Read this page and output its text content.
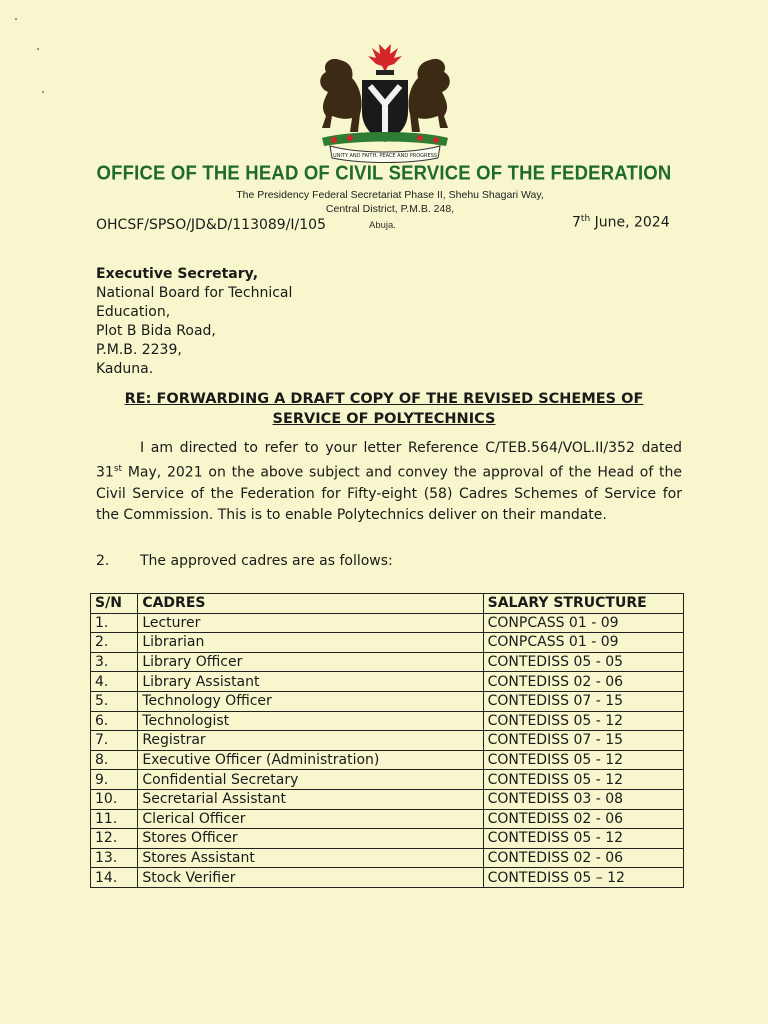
UNITY AND FAITH, PEACE AND PROGRESS
OFFICE OF THE HEAD OF CIVIL SERVICE OF THE FEDERATION
The Presidency Federal Secretariat Phase II, Shehu Shagari Way,
Central District, P.M.B. 248,
OHCSF/SPSO/JD&D/113089/I/105	Abuja.	7th June, 2024
Executive Secretary,
National Board for Technical
Education,
Plot B Bida Road,
P.M.B. 2239,
Kaduna.
RE: FORWARDING A DRAFT COPY OF THE REVISED SCHEMES OF
SERVICE OF POLYTECHNICS
I am directed to refer to your letter Reference C/TEB.564/VOL.II/352 dated 31st May, 2021 on the above subject and convey the approval of the Head of the Civil Service of the Federation for Fifty-eight (58) Cadres Schemes of Service for the Commission. This is to enable Polytechnics deliver on their mandate.
2. The approved cadres are as follows:
S/N	CADRES	SALARY STRUCTURE
1.	Lecturer	CONPCASS 01 - 09
2.	Librarian	CONPCASS 01 - 09
3.	Library Officer	CONTEDISS 05 - 05
4.	Library Assistant	CONTEDISS 02 - 06
5.	Technology Officer	CONTEDISS 07 - 15
6.	Technologist	CONTEDISS 05 - 12
7.	Registrar	CONTEDISS 07 - 15
8.	Executive Officer (Administration)	CONTEDISS 05 - 12
9.	Confidential Secretary	CONTEDISS 05 - 12
10.	Secretarial Assistant	CONTEDISS 03 - 08
11.	Clerical Officer	CONTEDISS 02 - 06
12.	Stores Officer	CONTEDISS 05 - 12
13.	Stores Assistant	CONTEDISS 02 - 06
14.	Stock Verifier	CONTEDISS 05 – 12
